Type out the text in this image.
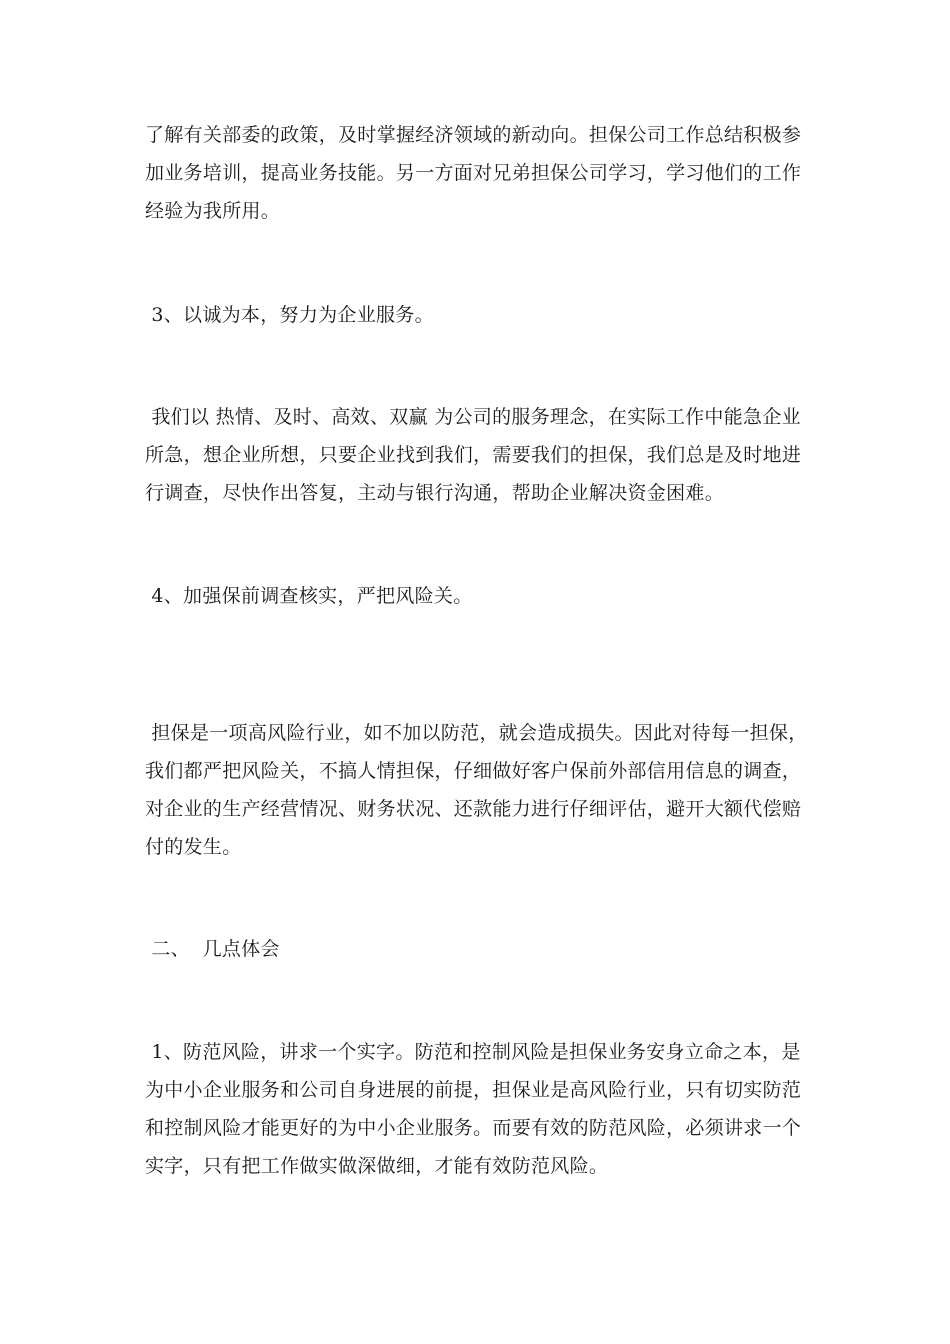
了解有关部委的政策，及时掌握经济领域的新动向。担保公司工作总结积极参
加业务培训，提高业务技能。另一方面对兄弟担保公司学习，学习他们的工作
经验为我所用。
3、以诚为本，努力为企业服务。
我们以 热情、及时、高效、双赢 为公司的服务理念，在实际工作中能急企业
所急，想企业所想，只要企业找到我们，需要我们的担保，我们总是及时地进
行调查，尽快作出答复，主动与银行沟通，帮助企业解决资金困难。
4、加强保前调查核实，严把风险关。
担保是一项高风险行业，如不加以防范，就会造成损失。因此对待每一担保，
我们都严把风险关，不搞人情担保，仔细做好客户保前外部信用信息的调查，
对企业的生产经营情况、财务状况、还款能力进行仔细评估，避开大额代偿赔
付的发生。
二、  几点体会
1、防范风险，讲求一个实字。防范和控制风险是担保业务安身立命之本，是
为中小企业服务和公司自身进展的前提，担保业是高风险行业，只有切实防范
和控制风险才能更好的为中小企业服务。而要有效的防范风险，必须讲求一个
实字，只有把工作做实做深做细，才能有效防范风险。
